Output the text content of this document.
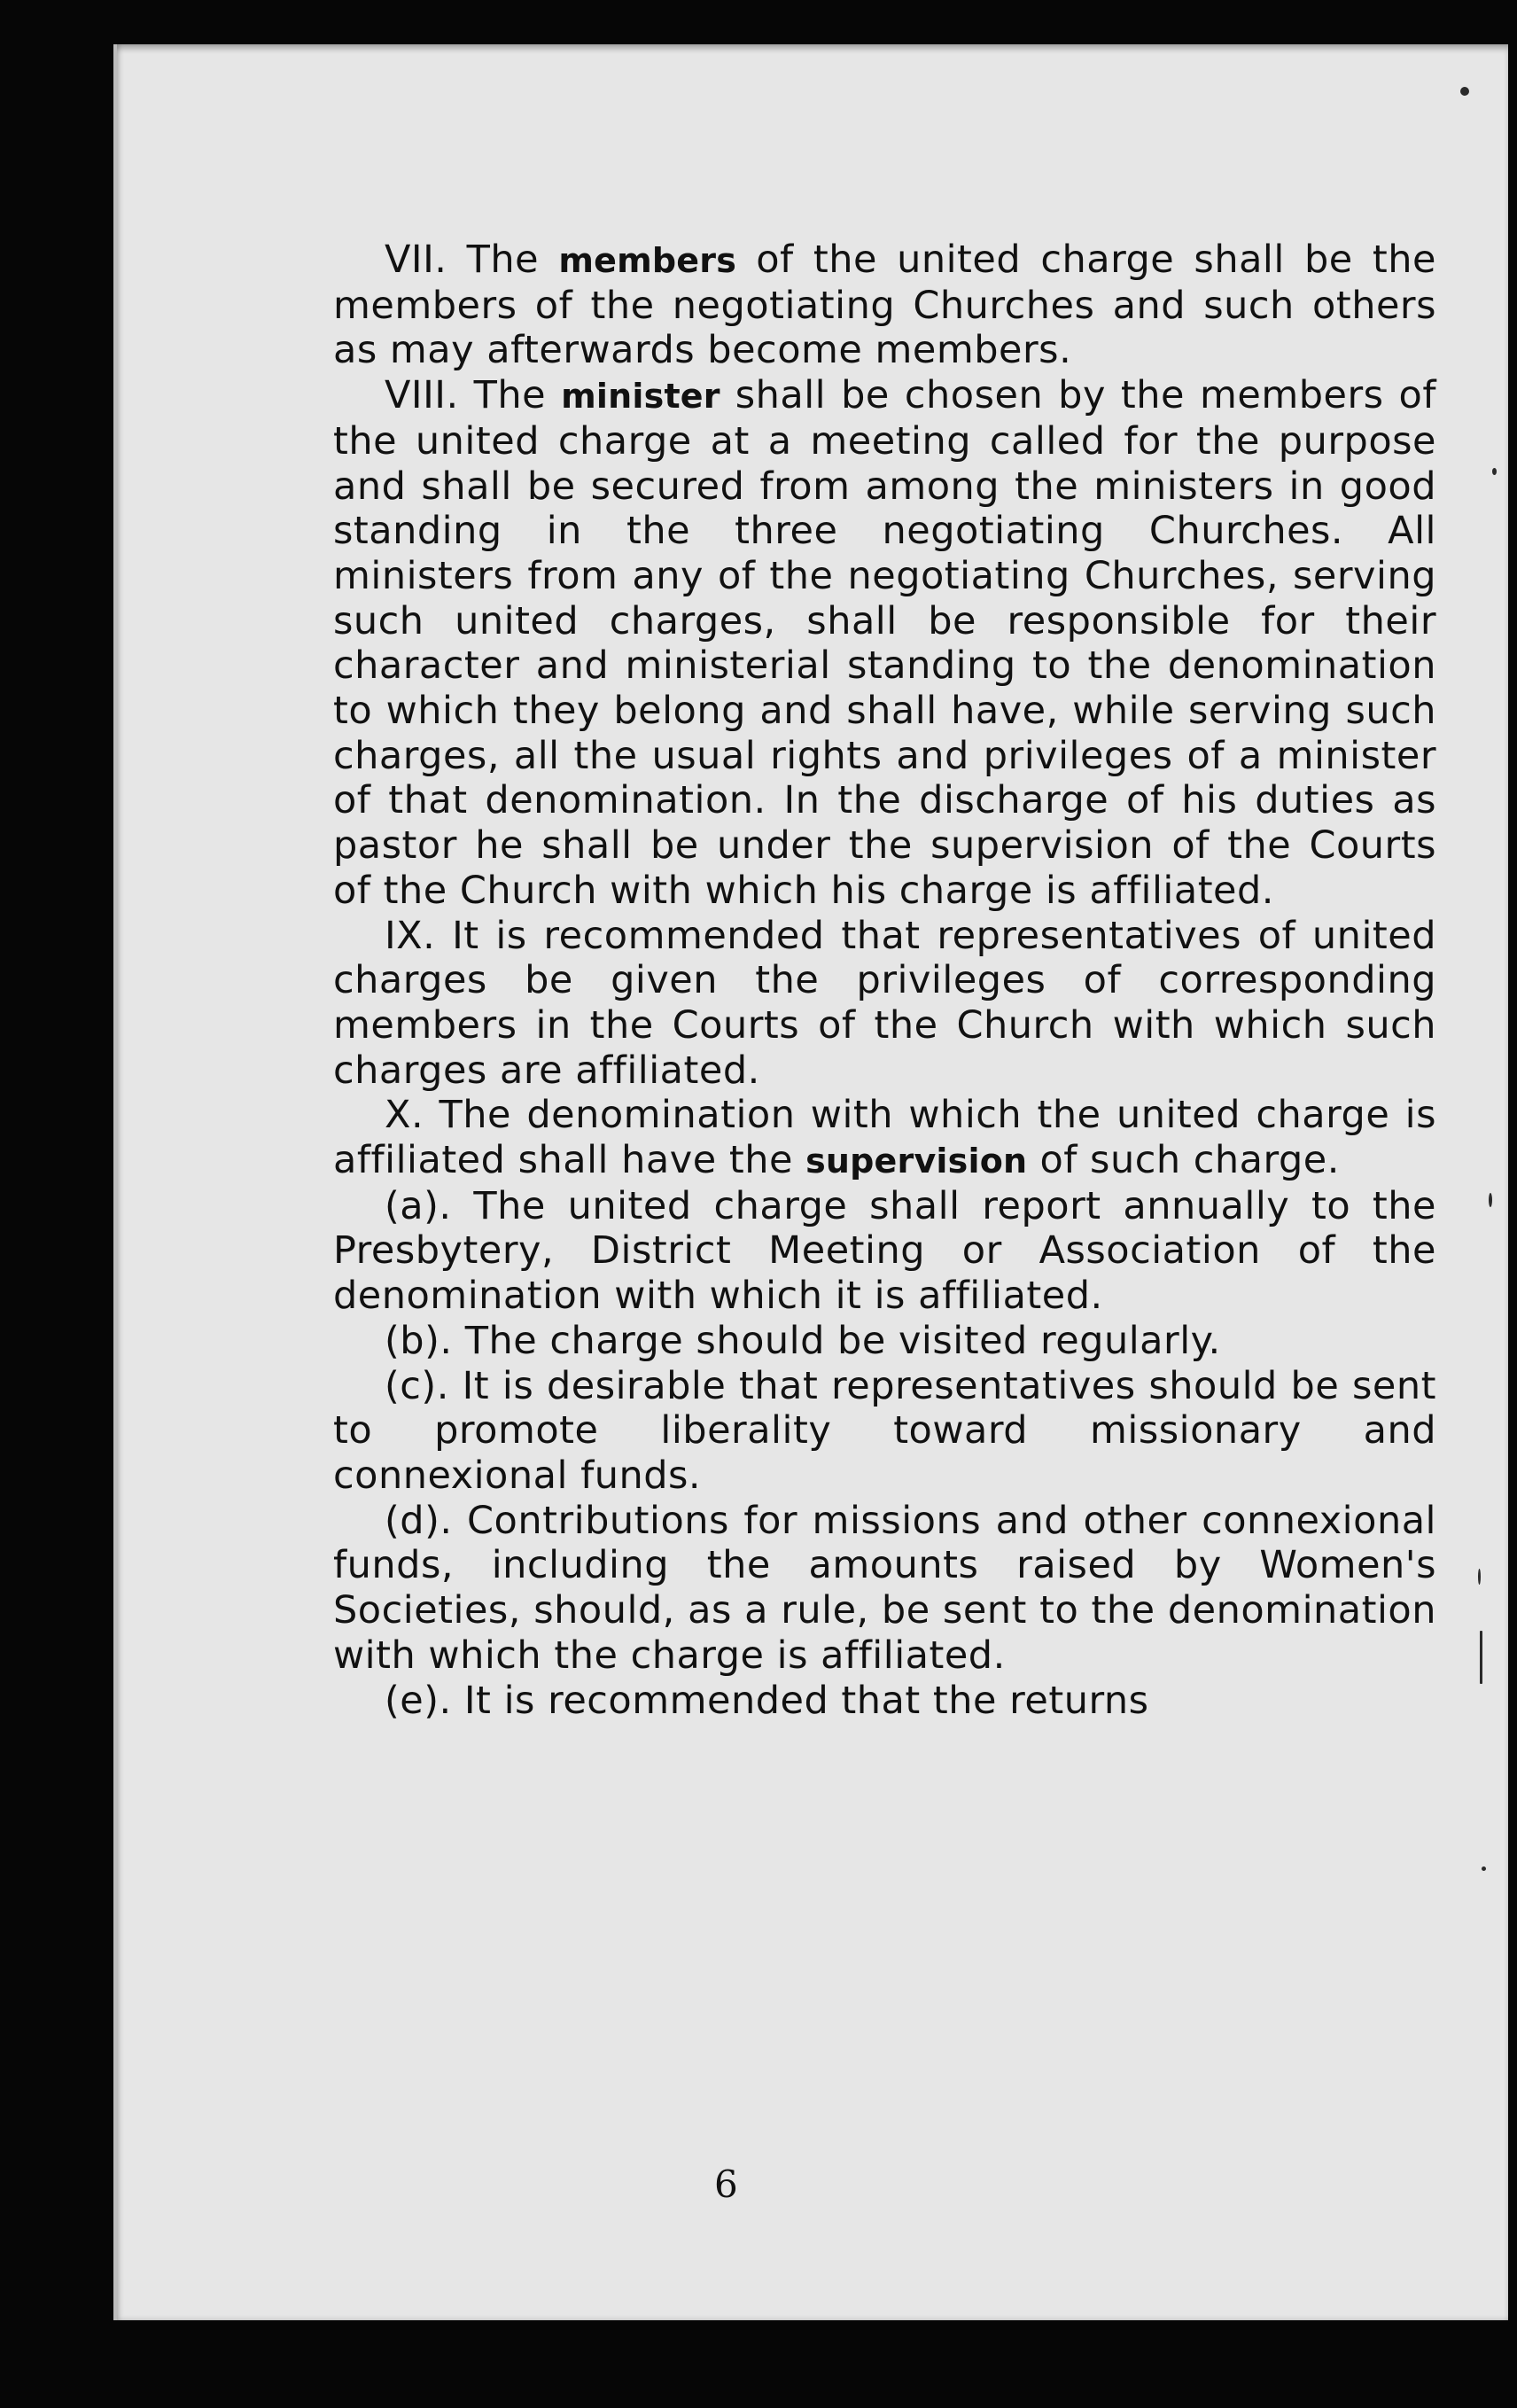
VII. The members of the united charge shall be the members of the negotiating Churches and such others as may afterwards become members.

VIII. The minister shall be chosen by the members of the united charge at a meeting called for the purpose and shall be secured from among the ministers in good standing in the three negotiating Churches. All ministers from any of the negotiating Churches, serving such united charges, shall be responsible for their character and ministerial standing to the denomination to which they belong and shall have, while serving such charges, all the usual rights and privileges of a minister of that denomination. In the discharge of his duties as pastor he shall be under the supervision of the Courts of the Church with which his charge is affiliated.

IX. It is recommended that representatives of united charges be given the privileges of corresponding members in the Courts of the Church with which such charges are affiliated.

X. The denomination with which the united charge is affiliated shall have the supervision of such charge.

(a). The united charge shall report annually to the Presbytery, District Meeting or Association of the denomination with which it is affiliated.

(b). The charge should be visited regularly.

(c). It is desirable that representatives should be sent to promote liberality toward missionary and connexional funds.

(d). Contributions for missions and other connexional funds, including the amounts raised by Women's Societies, should, as a rule, be sent to the denomination with which the charge is affiliated.

(e). It is recommended that the returns

6
